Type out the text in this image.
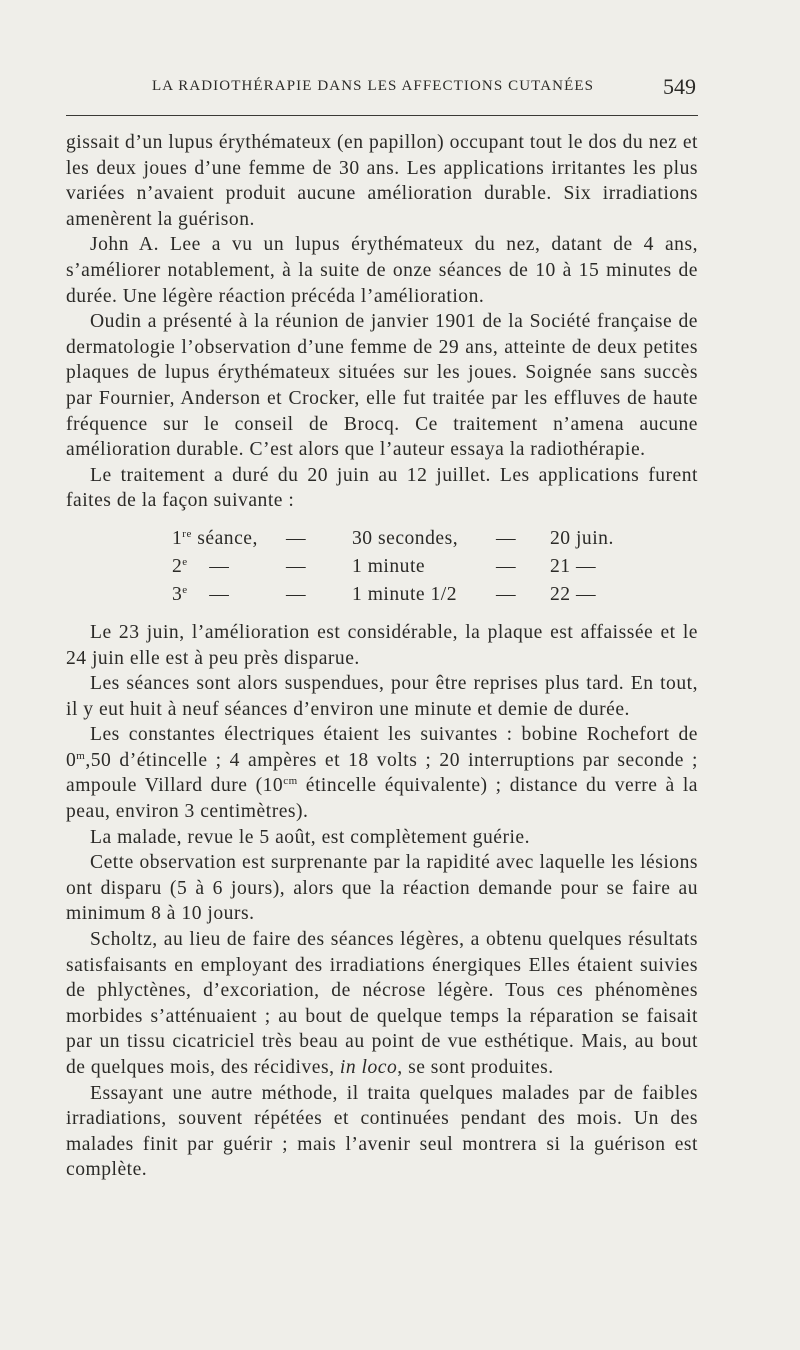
LA RADIOTHÉRAPIE DANS LES AFFECTIONS CUTANÉES	549

gissait d’un lupus érythémateux (en papillon) occupant tout le dos du nez et les deux joues d’une femme de 30 ans. Les applications irritantes les plus variées n’avaient produit aucune amélioration durable. Six irradiations amenèrent la guérison.

John A. Lee a vu un lupus érythémateux du nez, datant de 4 ans, s’améliorer notablement, à la suite de onze séances de 10 à 15 minutes de durée. Une légère réaction précéda l’amélioration.

Oudin a présenté à la réunion de janvier 1901 de la Société française de dermatologie l’observation d’une femme de 29 ans, atteinte de deux petites plaques de lupus érythémateux situées sur les joues. Soignée sans succès par Fournier, Anderson et Crocker, elle fut traitée par les effluves de haute fréquence sur le conseil de Brocq. Ce traitement n’amena aucune amélioration durable. C’est alors que l’auteur essaya la radiothérapie.

Le traitement a duré du 20 juin au 12 juillet. Les applications furent faites de la façon suivante :

1re séance, — 30 secondes, — 20 juin.
2e —	— 1 minute	— 21 —
3e —	— 1 minute 1/2 — 22 —

Le 23 juin, l’amélioration est considérable, la plaque est affaissée et le 24 juin elle est à peu près disparue.

Les séances sont alors suspendues, pour être reprises plus tard. En tout, il y eut huit à neuf séances d’environ une minute et demie de durée.

Les constantes électriques étaient les suivantes : bobine Rochefort de 0$^m$,50 d’étincelle ; 4 ampères et 18 volts ; 20 interruptions par seconde ; ampoule Villard dure ($10^{cm}$ étincelle équivalente) ; distance du verre à la peau, environ 3 centimètres).

La malade, revue le 5 août, est complètement guérie.

Cette observation est surprenante par la rapidité avec laquelle les lésions ont disparu (5 à 6 jours), alors que la réaction demande pour se faire au minimum 8 à 10 jours.

Scholtz, au lieu de faire des séances légères, a obtenu quelques résultats satisfaisants en employant des irradiations énergiques Elles étaient suivies de phlyctènes, d’excoriation, de nécrose légère. Tous ces phénomènes morbides s’atténuaient ; au bout de quelque temps la réparation se faisait par un tissu cicatriciel très beau au point de vue esthétique. Mais, au bout de quelques mois, des récidives, in loco, se sont produites.

Essayant une autre méthode, il traita quelques malades par de faibles irradiations, souvent répétées et continuées pendant des mois. Un des malades finit par guérir ; mais l’avenir seul montrera si la guérison est complète.
